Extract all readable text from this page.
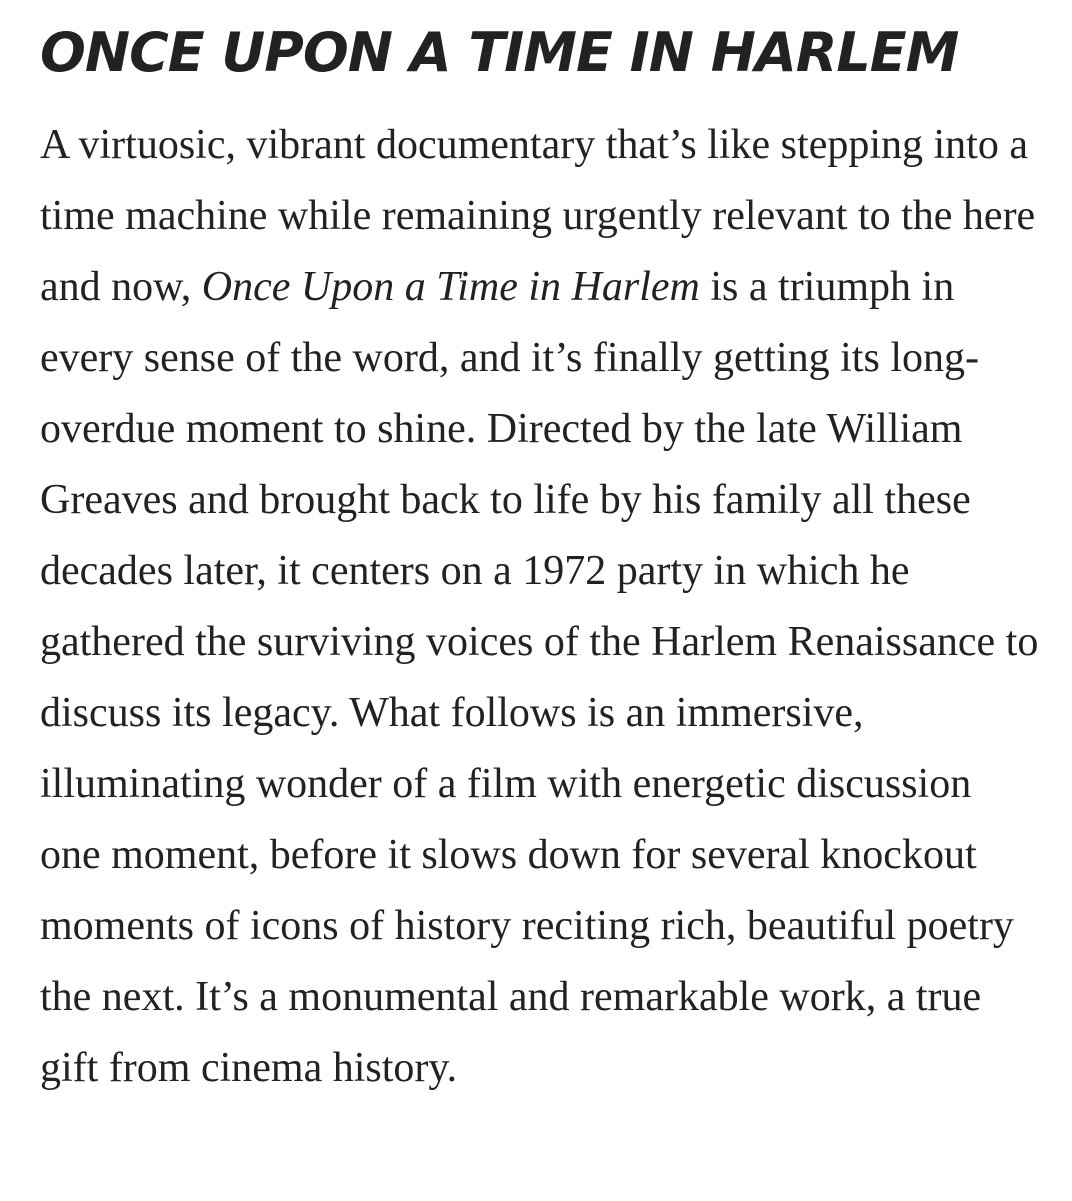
ONCE UPON A TIME IN HARLEM

A virtuosic, vibrant documentary that’s like stepping into a time machine while remaining urgently relevant to the here and now, Once Upon a Time in Harlem is a triumph in every sense of the word, and it’s finally getting its long-overdue moment to shine. Directed by the late William Greaves and brought back to life by his family all these decades later, it centers on a 1972 party in which he gathered the surviving voices of the Harlem Renaissance to discuss its legacy. What follows is an immersive, illuminating wonder of a film with energetic discussion one moment, before it slows down for several knockout moments of icons of history reciting rich, beautiful poetry the next. It’s a monumental and remarkable work, a true gift from cinema history.
